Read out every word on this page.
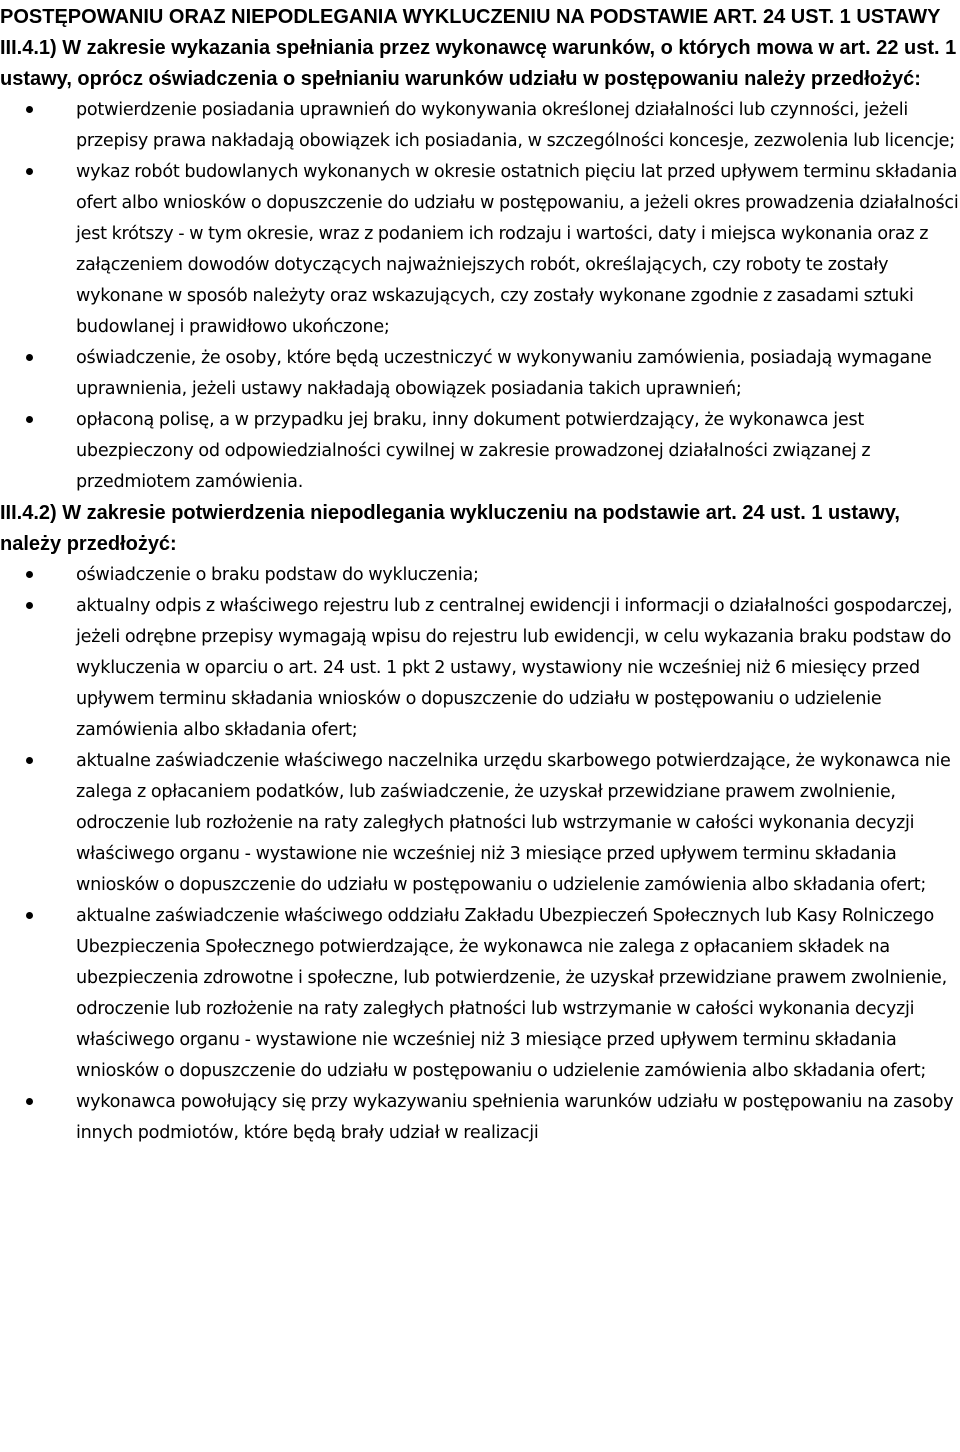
POSTĘPOWANIU ORAZ NIEPODLEGANIA WYKLUCZENIU NA PODSTAWIE ART. 24 UST. 1 USTAWY III.4.1) W zakresie wykazania spełniania przez wykonawcę warunków, o których mowa w art. 22 ust. 1 ustawy, oprócz oświadczenia o spełnianiu warunków udziału w postępowaniu należy przedłożyć:

potwierdzenie posiadania uprawnień do wykonywania określonej działalności lub czynności, jeżeli przepisy prawa nakładają obowiązek ich posiadania, w szczególności koncesje, zezwolenia lub licencje;
wykaz robót budowlanych wykonanych w okresie ostatnich pięciu lat przed upływem terminu składania ofert albo wniosków o dopuszczenie do udziału w postępowaniu, a jeżeli okres prowadzenia działalności jest krótszy - w tym okresie, wraz z podaniem ich rodzaju i wartości, daty i miejsca wykonania oraz z załączeniem dowodów dotyczących najważniejszych robót, określających, czy roboty te zostały wykonane w sposób należyty oraz wskazujących, czy zostały wykonane zgodnie z zasadami sztuki budowlanej i prawidłowo ukończone;
oświadczenie, że osoby, które będą uczestniczyć w wykonywaniu zamówienia, posiadają wymagane uprawnienia, jeżeli ustawy nakładają obowiązek posiadania takich uprawnień;
opłaconą polisę, a w przypadku jej braku, inny dokument potwierdzający, że wykonawca jest ubezpieczony od odpowiedzialności cywilnej w zakresie prowadzonej działalności związanej z przedmiotem zamówienia.

III.4.2) W zakresie potwierdzenia niepodlegania wykluczeniu na podstawie art. 24 ust. 1 ustawy, należy przedłożyć:

oświadczenie o braku podstaw do wykluczenia;
aktualny odpis z właściwego rejestru lub z centralnej ewidencji i informacji o działalności gospodarczej, jeżeli odrębne przepisy wymagają wpisu do rejestru lub ewidencji, w celu wykazania braku podstaw do wykluczenia w oparciu o art. 24 ust. 1 pkt 2 ustawy, wystawiony nie wcześniej niż 6 miesięcy przed upływem terminu składania wniosków o dopuszczenie do udziału w postępowaniu o udzielenie zamówienia albo składania ofert;
aktualne zaświadczenie właściwego naczelnika urzędu skarbowego potwierdzające, że wykonawca nie zalega z opłacaniem podatków, lub zaświadczenie, że uzyskał przewidziane prawem zwolnienie, odroczenie lub rozłożenie na raty zaległych płatności lub wstrzymanie w całości wykonania decyzji właściwego organu - wystawione nie wcześniej niż 3 miesiące przed upływem terminu składania wniosków o dopuszczenie do udziału w postępowaniu o udzielenie zamówienia albo składania ofert;
aktualne zaświadczenie właściwego oddziału Zakładu Ubezpieczeń Społecznych lub Kasy Rolniczego Ubezpieczenia Społecznego potwierdzające, że wykonawca nie zalega z opłacaniem składek na ubezpieczenia zdrowotne i społeczne, lub potwierdzenie, że uzyskał przewidziane prawem zwolnienie, odroczenie lub rozłożenie na raty zaległych płatności lub wstrzymanie w całości wykonania decyzji właściwego organu - wystawione nie wcześniej niż 3 miesiące przed upływem terminu składania wniosków o dopuszczenie do udziału w postępowaniu o udzielenie zamówienia albo składania ofert;
wykonawca powołujący się przy wykazywaniu spełnienia warunków udziału w postępowaniu na zasoby innych podmiotów, które będą brały udział w realizacji
